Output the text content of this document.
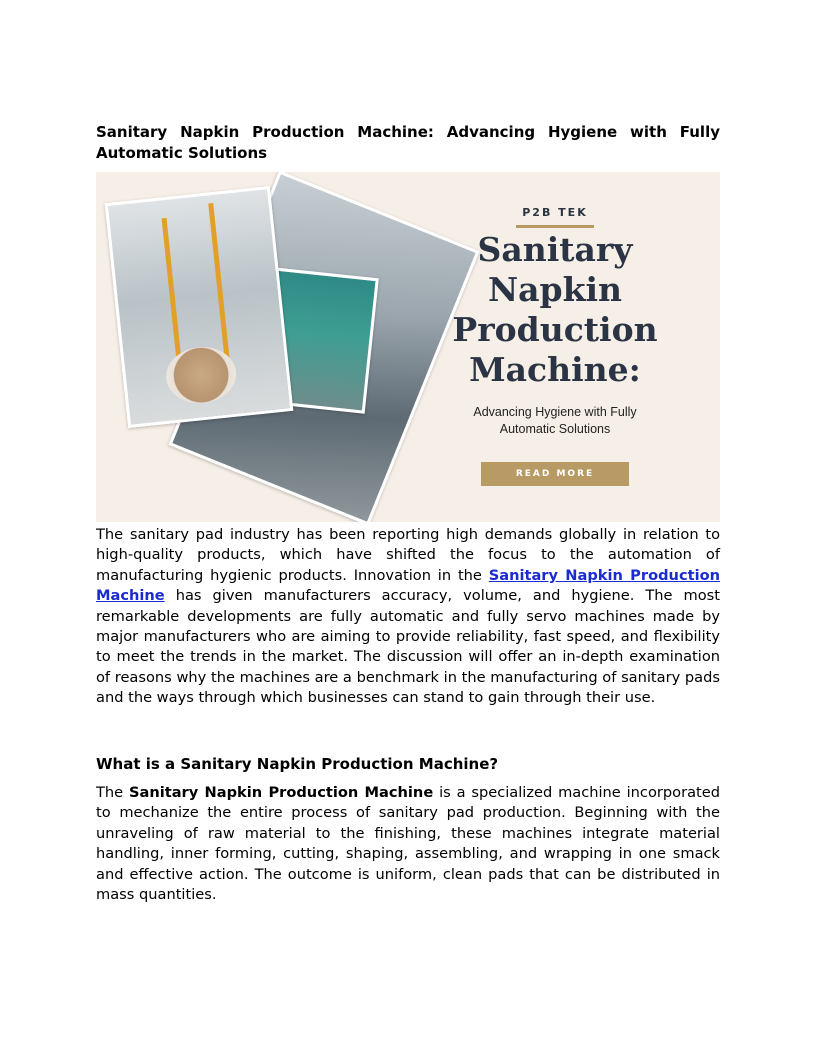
Sanitary Napkin Production Machine: Advancing Hygiene with Fully Automatic Solutions
P2B TEK
Sanitary
Napkin
Production
Machine:
Advancing Hygiene with Fully
Automatic Solutions
READ MORE

The sanitary pad industry has been reporting high demands globally in relation to high-quality products, which have shifted the focus to the automation of manufacturing hygienic products. Innovation in the Sanitary Napkin Production Machine has given manufacturers accuracy, volume, and hygiene. The most remarkable developments are fully automatic and fully servo machines made by major manufacturers who are aiming to provide reliability, fast speed, and flexibility to meet the trends in the market. The discussion will offer an in-depth examination of reasons why the machines are a benchmark in the manufacturing of sanitary pads and the ways through which businesses can stand to gain through their use.

What is a Sanitary Napkin Production Machine?

The Sanitary Napkin Production Machine is a specialized machine incorporated to mechanize the entire process of sanitary pad production. Beginning with the unraveling of raw material to the finishing, these machines integrate material handling, inner forming, cutting, shaping, assembling, and wrapping in one smack and effective action. The outcome is uniform, clean pads that can be distributed in mass quantities.
